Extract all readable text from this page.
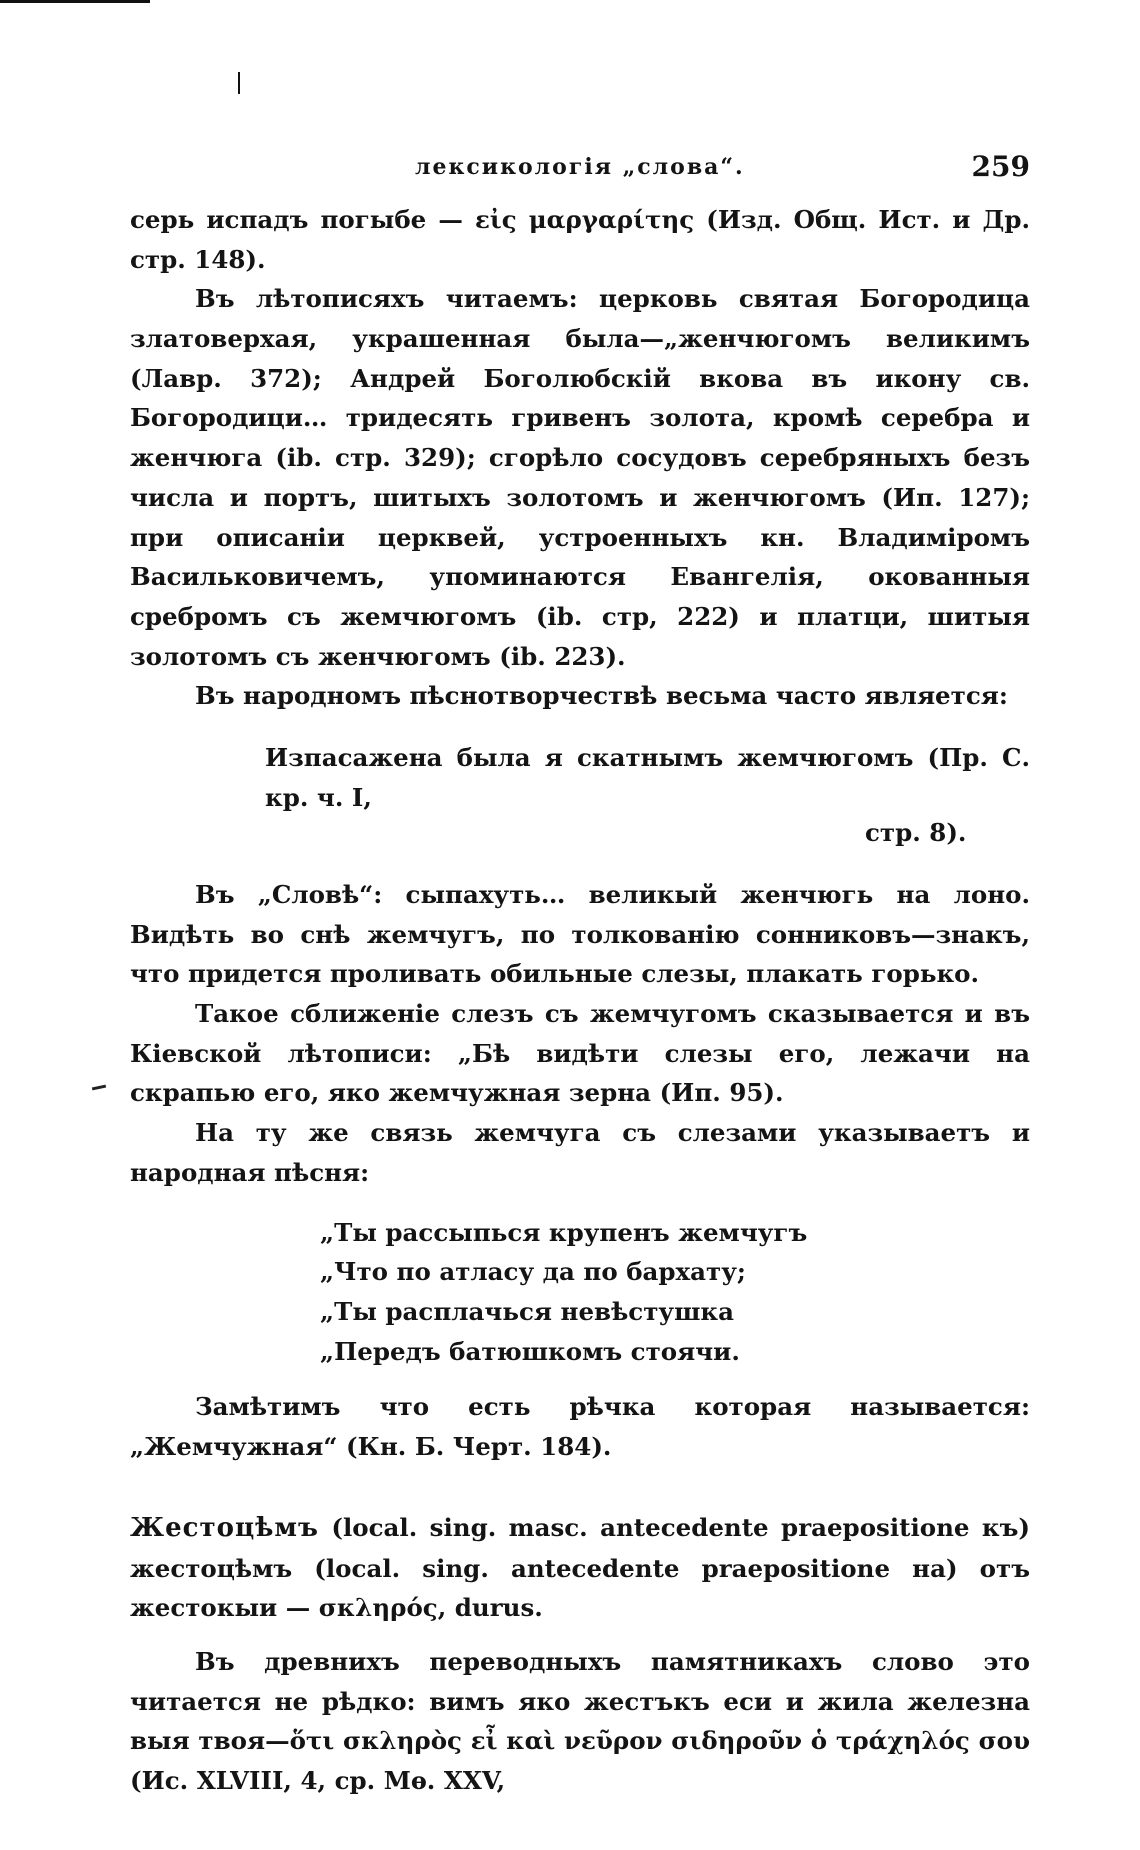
лексикологія „слова“.	259

серь испадъ погыбе — εἰς μαργαρίτης (Изд. Общ. Ист. и Др. стр. 148).

Въ лѣтописяхъ читаемъ: церковь святая Богородица златоверхая, украшенная была—„женчюгомъ великимъ (Лавр. 372); Андрей Боголюбскій вкова въ икону св. Богородици… тридесять гривенъ золота, кромѣ серебра и женчюга (ib. стр. 329); сгорѣло сосудовъ серебряныхъ безъ числа и портъ, шитыхъ золотомъ и женчюгомъ (Ип. 127); при описаніи церквей, устроенныхъ кн. Владиміромъ Васильковичемъ, упоминаются Евангелія, окованныя сребромъ съ жемчюгомъ (ib. стр, 222) и платци, шитыя золотомъ съ женчюгомъ (ib. 223).

Въ народномъ пѣснотворчествѣ весьма часто является:

Изпасажена была я скатнымъ жемчюгомъ (Пр. С. кр. ч. I,

стр. 8).

Въ „Словѣ“: сыпахуть… великый женчюгь на лоно. Видѣть во снѣ жемчугъ, по толкованію сонниковъ—знакъ, что придется проливать обильные слезы, плакать горько.

Такое сближеніе слезъ съ жемчугомъ сказывается и въ Кіевской лѣтописи: „Бѣ видѣти слезы его, лежачи на скрапью его, яко жемчужная зерна (Ип. 95).

На ту же связь жемчуга съ слезами указываетъ и народная пѣсня:

„Ты рассыпься крупенъ жемчугъ

„Что по атласу да по бархату;

„Ты расплачься невѣстушка

„Передъ батюшкомъ стоячи.

Замѣтимъ что есть рѣчка которая называется: „Жемчужная“ (Кн. Б. Черт. 184).

Жестоцѣмъ (local. sing. masc. antecedente praepositione къ) жестоцѣмъ (local. sing. antecedente praepositione на) отъ жестокыи — σκληρός, durus.

Въ древнихъ переводныхъ памятникахъ слово это читается не рѣдко: вимъ яко жестъкъ еси и жила железна выя твоя—ὅτι σκληρὸς εἶ καὶ νεῦρον σιδηροῦν ὁ τράχηλός σου (Ис. XLVIII, 4, ср. Мѳ. XXV,
